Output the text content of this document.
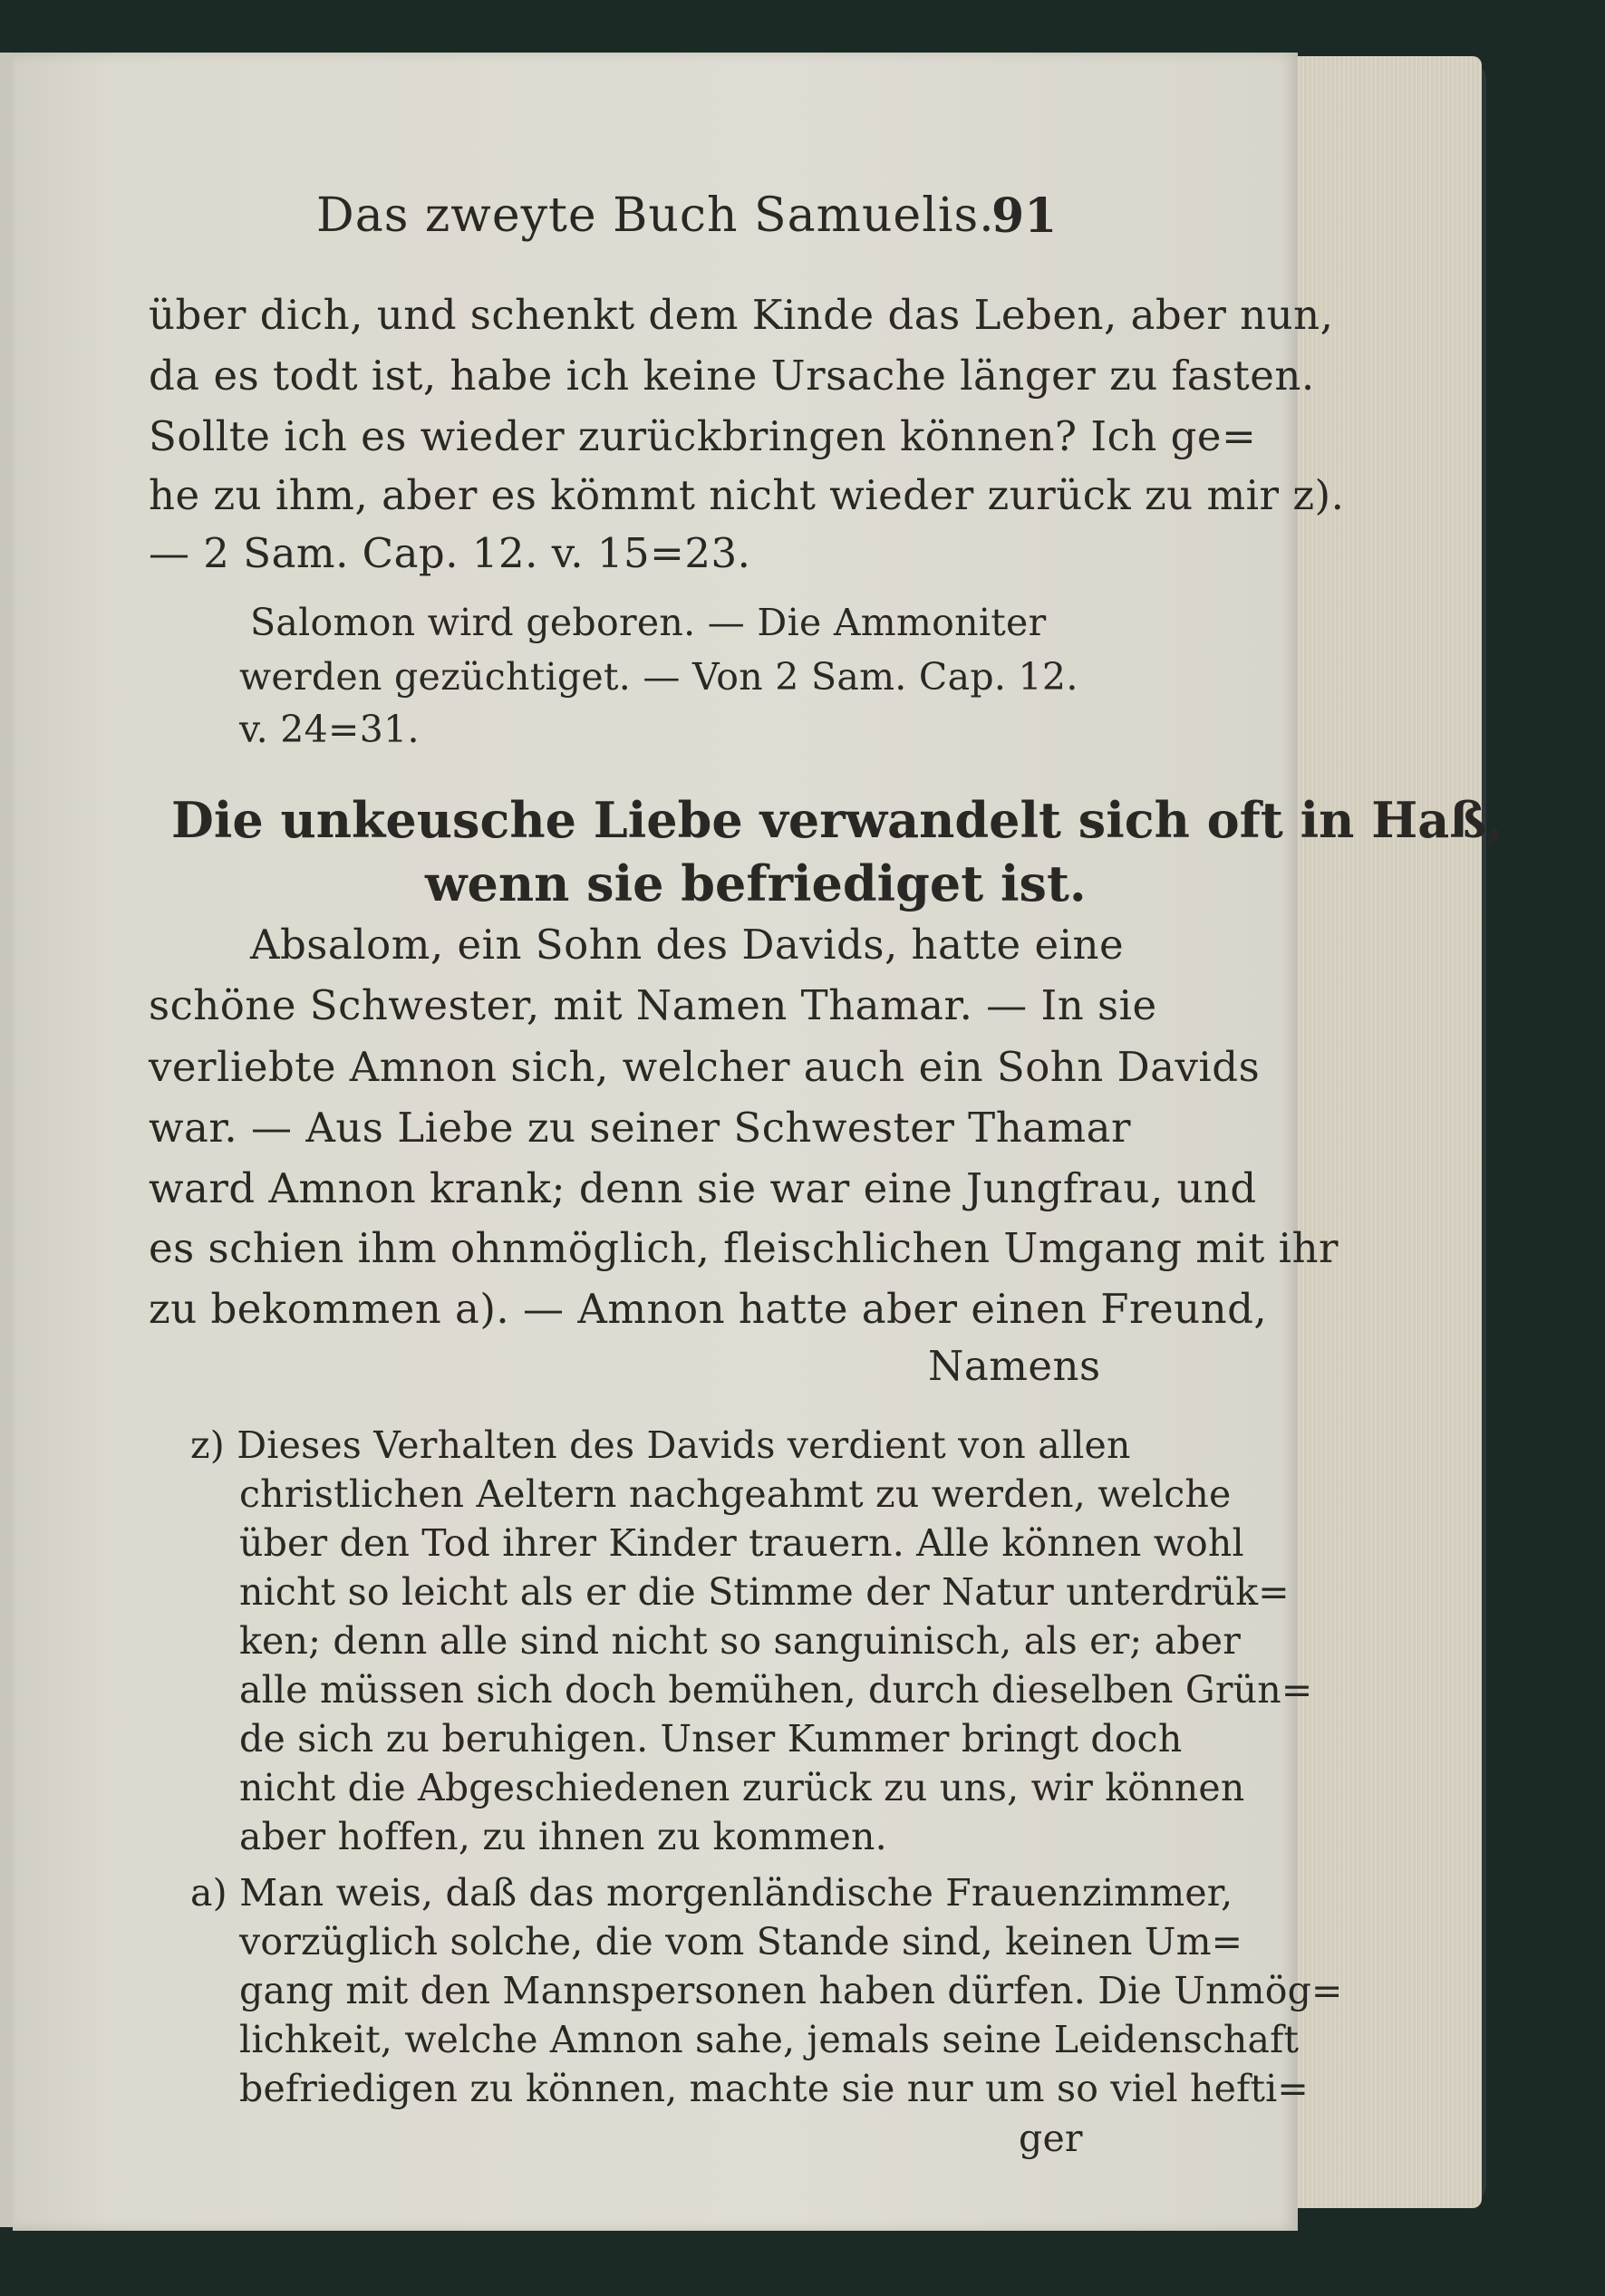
Das zweyte Buch Samuelis.
91
über dich, und schenkt dem Kinde das Leben, aber nun,
da es todt ist, habe ich keine Ursache länger zu fasten.
Sollte ich es wieder zurückbringen können? Ich ge=
he zu ihm, aber es kömmt nicht wieder zurück zu mir z).
— 2 Sam. Cap. 12. v. 15=23.
Salomon wird geboren. — Die Ammoniter
werden gezüchtiget. — Von 2 Sam. Cap. 12.
v. 24=31.
Die unkeusche Liebe verwandelt sich oft in Haß,
wenn sie befriediget ist.
Absalom, ein Sohn des Davids, hatte eine
schöne Schwester, mit Namen Thamar. — In sie
verliebte Amnon sich, welcher auch ein Sohn Davids
war. — Aus Liebe zu seiner Schwester Thamar
ward Amnon krank; denn sie war eine Jungfrau, und
es schien ihm ohnmöglich, fleischlichen Umgang mit ihr
zu bekommen a). — Amnon hatte aber einen Freund,
Namens
z) Dieses Verhalten des Davids verdient von allen
christlichen Aeltern nachgeahmt zu werden, welche
über den Tod ihrer Kinder trauern. Alle können wohl
nicht so leicht als er die Stimme der Natur unterdrük=
ken; denn alle sind nicht so sanguinisch, als er; aber
alle müssen sich doch bemühen, durch dieselben Grün=
de sich zu beruhigen. Unser Kummer bringt doch
nicht die Abgeschiedenen zurück zu uns, wir können
aber hoffen, zu ihnen zu kommen.
a) Man weis, daß das morgenländische Frauenzimmer,
vorzüglich solche, die vom Stande sind, keinen Um=
gang mit den Mannspersonen haben dürfen. Die Unmög=
lichkeit, welche Amnon sahe, jemals seine Leidenschaft
befriedigen zu können, machte sie nur um so viel hefti=
ger
